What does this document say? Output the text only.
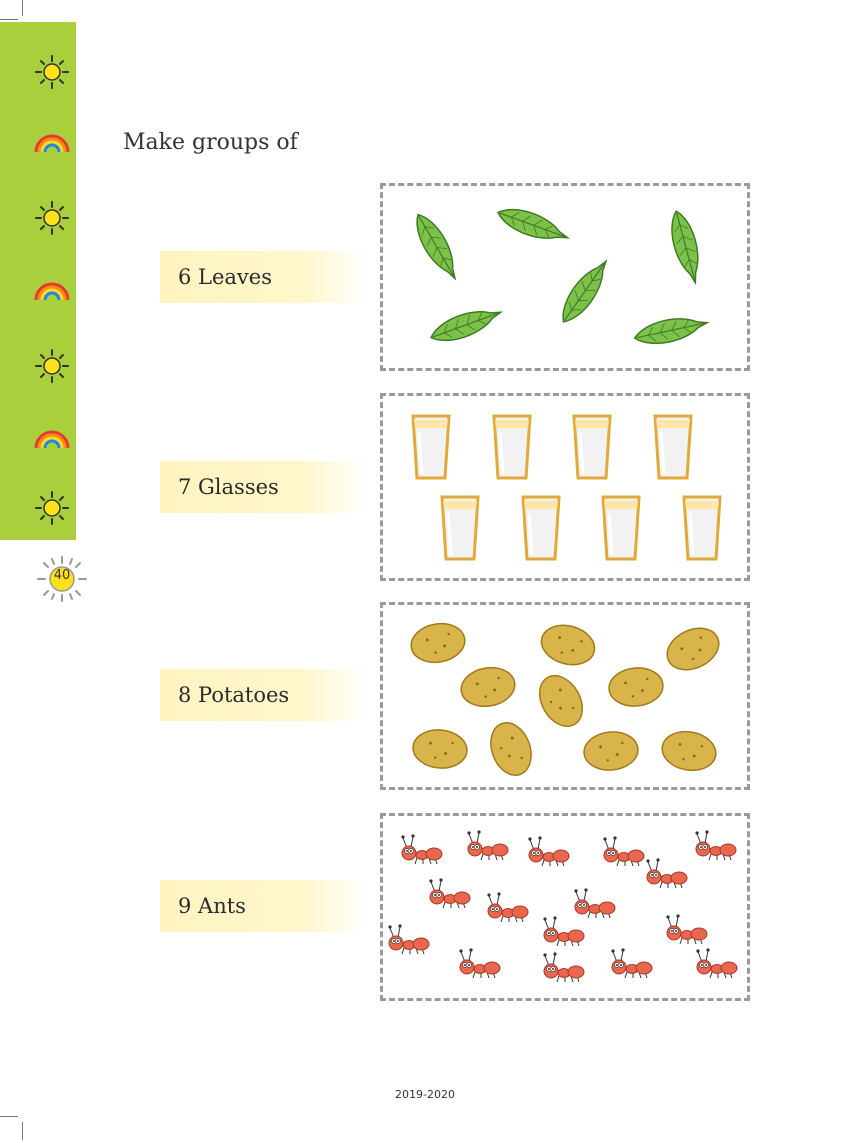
40
Make groups of
6 Leaves
7 Glasses
8 Potatoes
9 Ants
2019-2020
